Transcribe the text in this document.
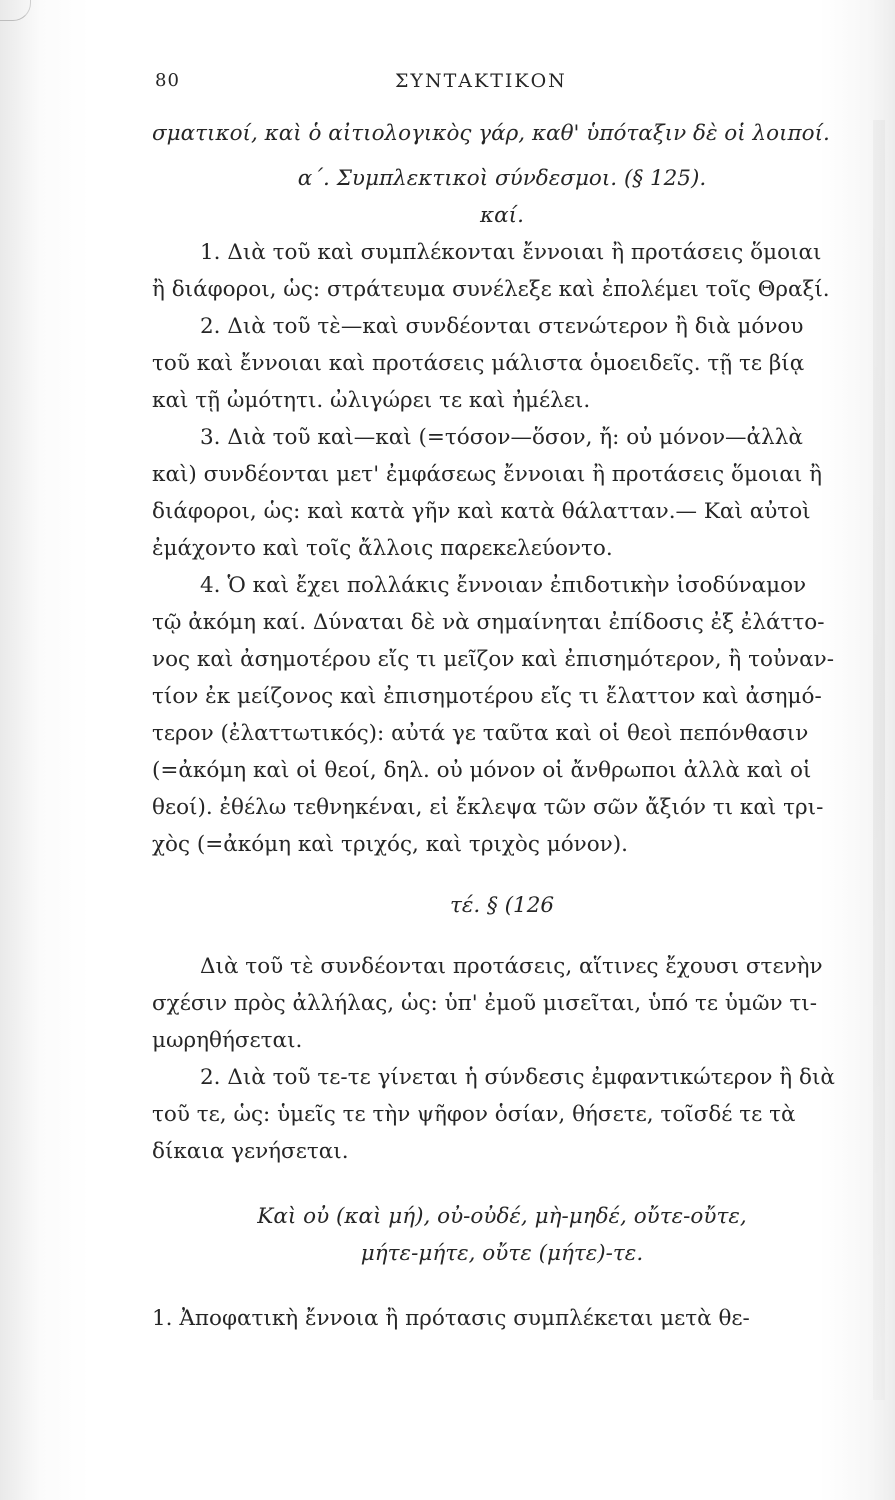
80	ΣΥΝΤΑΚΤΙΚΟΝ
σματικοί, καὶ ὁ αἰτιολογικὸς γάρ, καθ' ὑπόταξιν δὲ οἱ λοιποί.
α΄. Συμπλεκτικοὶ σύνδεσμοι. (§ 125).
καί.
1. Διὰ τοῦ καὶ συμπλέκονται ἔννοιαι ἢ προτάσεις ὅμοιαι
ἢ διάφοροι, ὡς: στράτευμα συνέλεξε καὶ ἐπολέμει τοῖς Θραξί.
2. Διὰ τοῦ τὲ—καὶ συνδέονται στενώτερον ἢ διὰ μόνου
τοῦ καὶ ἔννοιαι καὶ προτάσεις μάλιστα ὁμοειδεῖς. τῇ τε βίᾳ
καὶ τῇ ὠμότητι. ὠλιγώρει τε καὶ ἠμέλει.
3. Διὰ τοῦ καὶ—καὶ (=τόσον—ὅσον, ἤ: οὐ μόνον—ἀλλὰ
καὶ) συνδέονται μετ' ἐμφάσεως ἔννοιαι ἢ προτάσεις ὅμοιαι ἢ
διάφοροι, ὡς: καὶ κατὰ γῆν καὶ κατὰ θάλατταν.— Καὶ αὐτοὶ
ἐμάχοντο καὶ τοῖς ἄλλοις παρεκελεύοντο.
4. Ὁ καὶ ἔχει πολλάκις ἔννοιαν ἐπιδοτικὴν ἰσοδύναμον
τῷ ἀκόμη καί. Δύναται δὲ νὰ σημαίνηται ἐπίδοσις ἐξ ἐλάττο-
νος καὶ ἀσημοτέρου εἴς τι μεῖζον καὶ ἐπισημότερον, ἢ τοὐναν-
τίον ἐκ μείζονος καὶ ἐπισημοτέρου εἴς τι ἔλαττον καὶ ἀσημό-
τερον (ἐλαττωτικός): αὐτά γε ταῦτα καὶ οἱ θεοὶ πεπόνθασιν
(=ἀκόμη καὶ οἱ θεοί, δηλ. οὐ μόνον οἱ ἄνθρωποι ἀλλὰ καὶ οἱ
θεοί). ἐθέλω τεθνηκέναι, εἰ ἔκλεψα τῶν σῶν ἄξιόν τι καὶ τρι-
χὸς (=ἀκόμη καὶ τριχός, καὶ τριχὸς μόνον).
τέ. § (126
Διὰ τοῦ τὲ συνδέονται προτάσεις, αἵτινες ἔχουσι στενὴν
σχέσιν πρὸς ἀλλήλας, ὡς: ὑπ' ἐμοῦ μισεῖται, ὑπό τε ὑμῶν τι-
μωρηθήσεται.
2. Διὰ τοῦ τε-τε γίνεται ἡ σύνδεσις ἐμφαντικώτερον ἢ διὰ
τοῦ τε, ὡς: ὑμεῖς τε τὴν ψῆφον ὁσίαν, θήσετε, τοῖσδέ τε τὰ
δίκαια γενήσεται.
Καὶ οὐ (καὶ μή), οὐ-οὐδέ, μὴ-μηδέ, οὔτε-οὔτε,
μήτε-μήτε, οὔτε (μήτε)-τε.
1. Ἀποφατικὴ ἔννοια ἢ πρότασις συμπλέκεται μετὰ θε-
